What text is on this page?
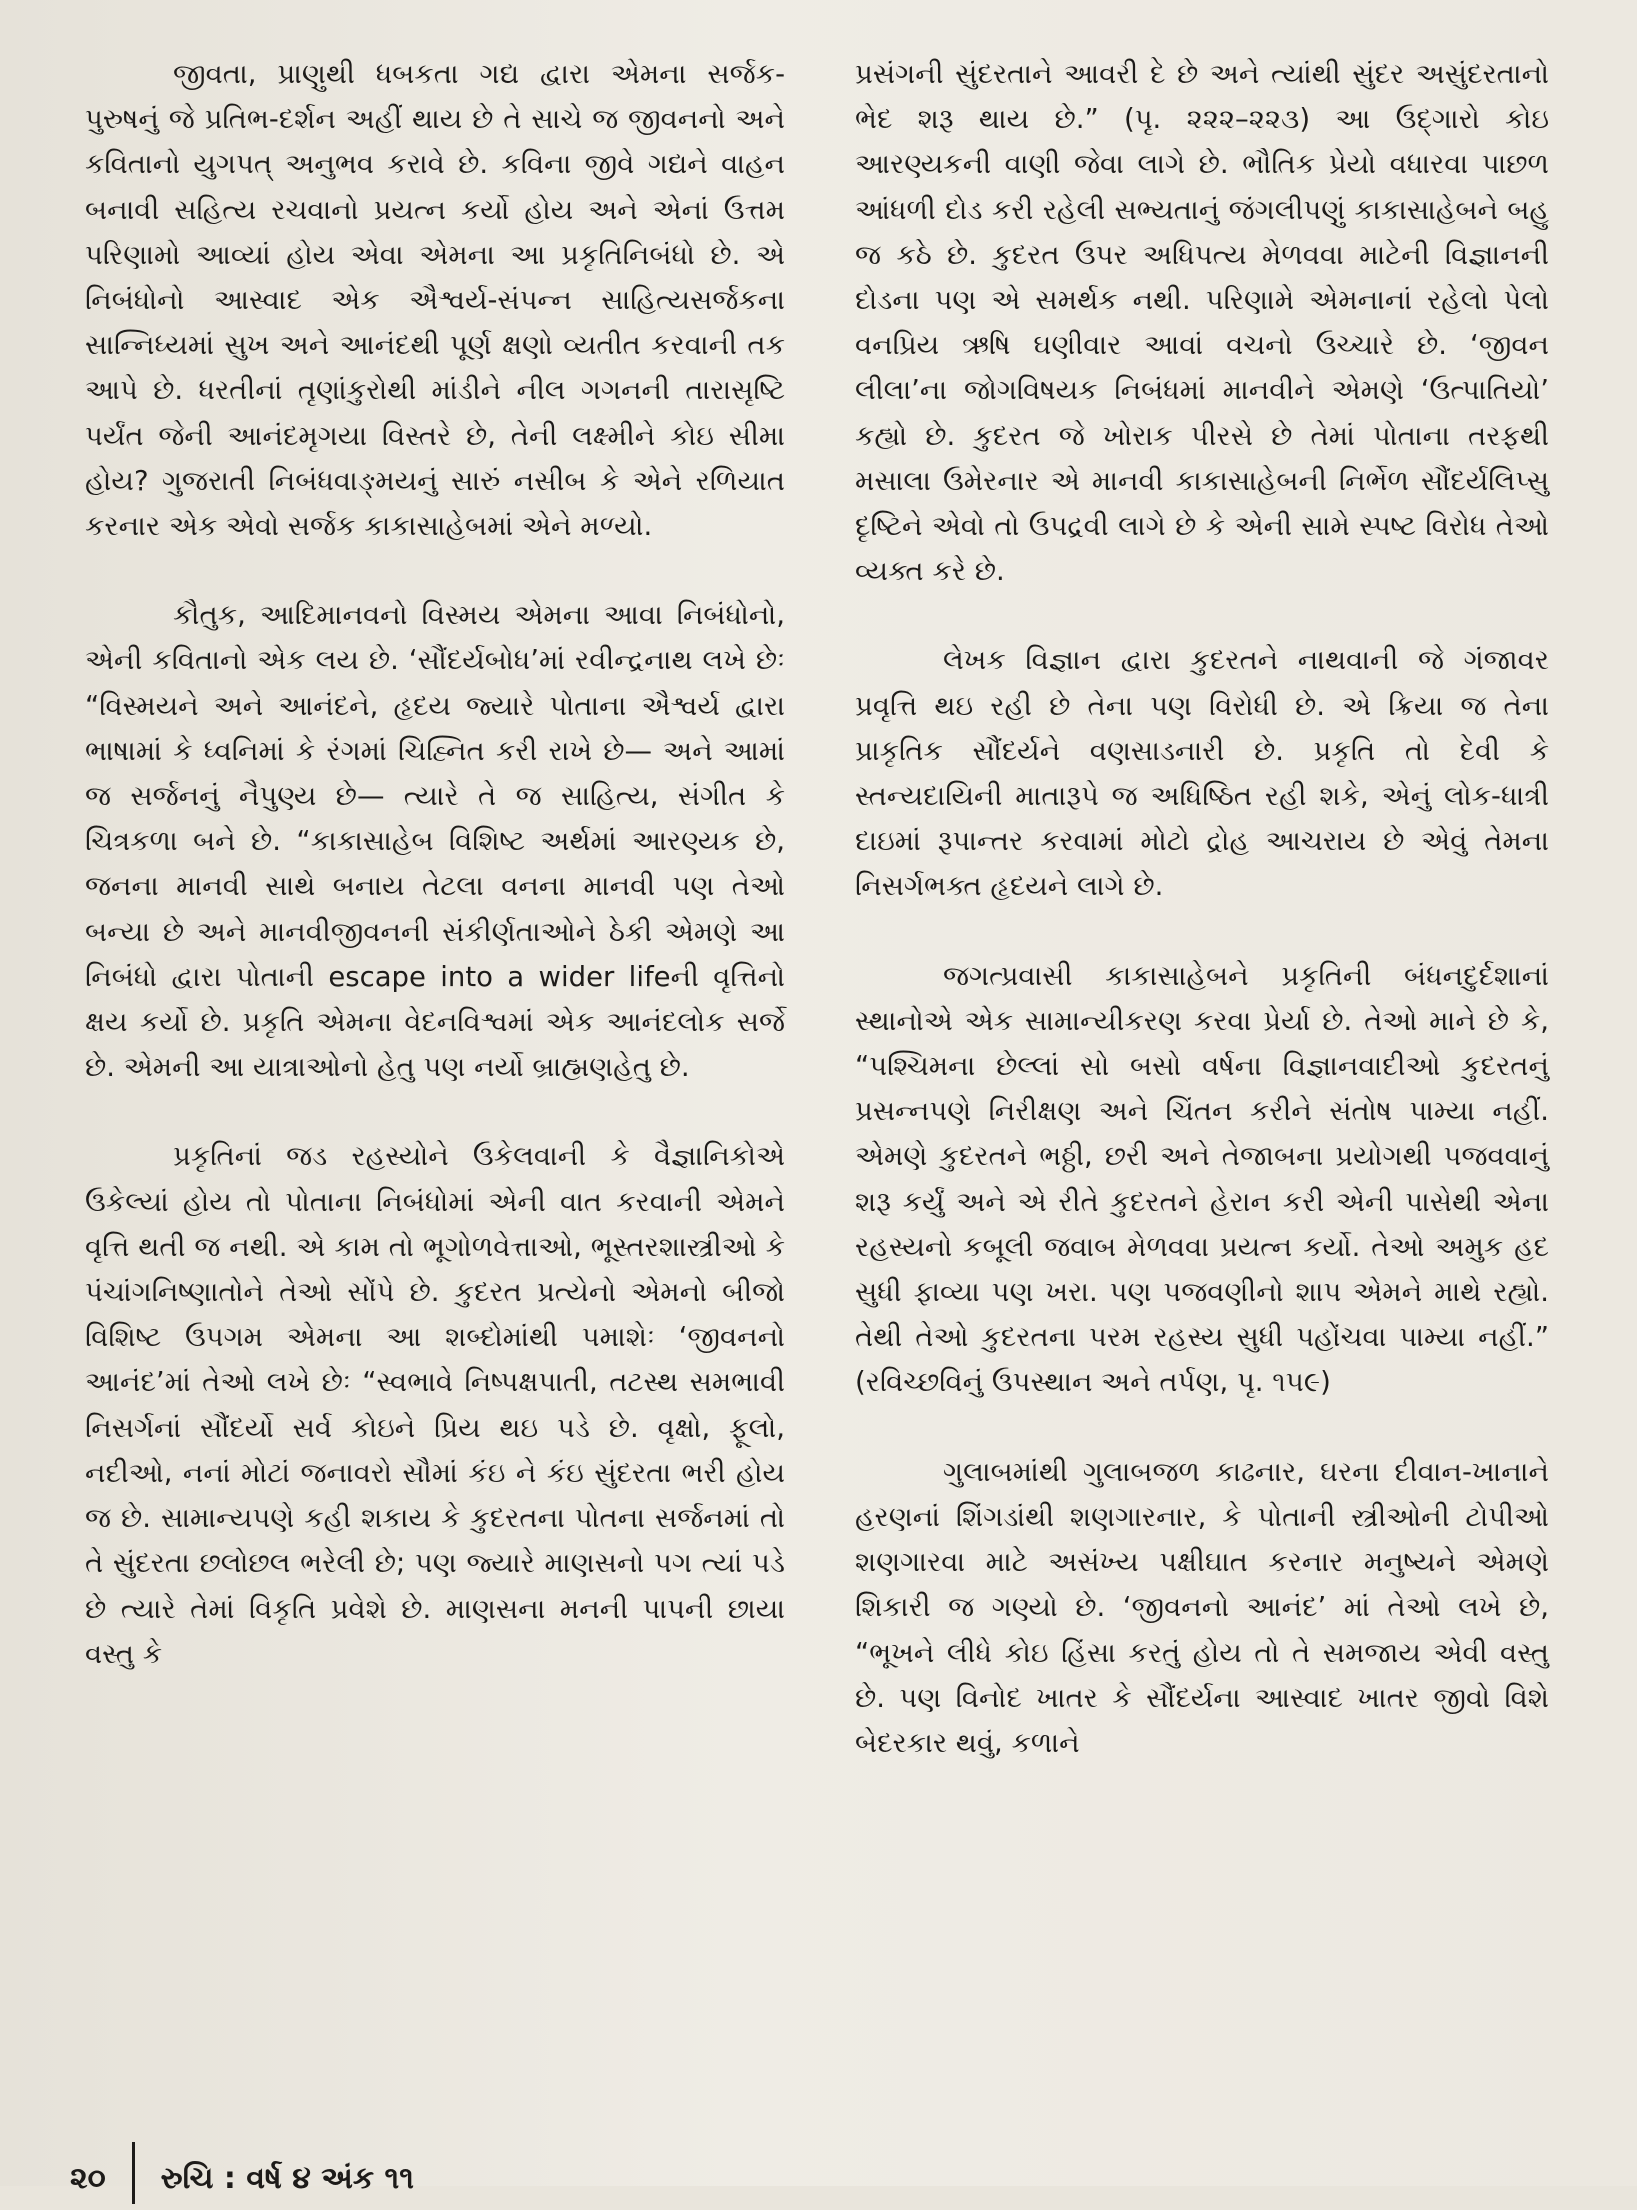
જીવતા, પ્રાણુથી ધબકતા ગદ્ય દ્વારા એમના સર્જક-પુરુષનું જે પ્રતિભ-દર્શન અહીં થાય છે તે સાચે જ જીવનનો અને કવિતાનો યુગપત્ અનુભવ કરાવે છે. કવિના જીવે ગદ્યને વાહન બનાવી સહિત્ય રચવાનો પ્રયત્ન કર્યો હોય અને એનાં ઉત્તમ પરિણામો આવ્યાં હોય એવા એમના આ પ્રકૃતિનિબંધો છે. એ નિબંધોનો આસ્વાદ એક ઐશ્વર્ય-સંપન્ન સાહિત્યસર્જકના સાન્નિધ્યમાં સુખ અને આનંદથી પૂર્ણ ક્ષણો વ્યતીત કરવાની તક આપે છે. ધરતીનાં તૃણાંકુરોથી માંડીને નીલ ગગનની તારાસૃષ્ટિ પર્યંત જેની આનંદમૃગયા વિસ્તરે છે, તેની લક્ષ્મીને કોઇ સીમા હોય? ગુજરાતી નિબંધવાઙ્મયનું સારું નસીબ કે એને રળિયાત કરનાર એક એવો સર્જક કાકાસાહેબમાં એને મળ્યો.

કૌતુક, આદિમાનવનો વિસ્મય એમના આવા નિબંધોનો, એની કવિતાનો એક લય છે. ‘સૌંદર્યબોધ’માં રવીન્દ્રનાથ લખે છેઃ “વિસ્મયને અને આનંદને, હૃદય જ્યારે પોતાના ઐશ્વર્ય દ્વારા ભાષામાં કે ધ્વનિમાં કે રંગમાં ચિહ્નિત કરી રાખે છે— અને આમાં જ સર્જનનું નૈપુણ્ય છે— ત્યારે તે જ સાહિત્ય, સંગીત કે ચિત્રકળા બને છે. “કાકાસાહેબ વિશિષ્ટ અર્થમાં આરણ્યક છે, જનના માનવી સાથે બનાય તેટલા વનના માનવી પણ તેઓ બન્યા છે અને માનવીજીવનની સંકીર્ણતાઓને ઠેકી એમણે આ નિબંધો દ્વારા પોતાની escape into a wider lifeની વૃત્તિનો ક્ષય કર્યો છે. પ્રકૃતિ એમના વેદનવિશ્વમાં એક આનંદલોક સર્જે છે. એમની આ યાત્રાઓનો હેતુ પણ નર્યો બ્રાહ્મણહેતુ છે.

પ્રકૃતિનાં જડ રહસ્યોને ઉકેલવાની કે વૈજ્ઞાનિકોએ ઉકેલ્યાં હોય તો પોતાના નિબંધોમાં એની વાત કરવાની એમને વૃત્તિ થતી જ નથી. એ કામ તો ભૂગોળવેત્તાઓ, ભૂસ્તરશાસ્ત્રીઓ કે પંચાંગનિષ્ણાતોને તેઓ સોંપે છે. કુદરત પ્રત્યેનો એમનો બીજો વિશિષ્ટ ઉપગમ એમના આ શબ્દોમાંથી પમાશેઃ ‘જીવનનો આનંદ’માં તેઓ લખે છેઃ “સ્વભાવે નિષ્પક્ષપાતી, તટસ્થ સમભાવી નિસર્ગનાં સૌંદર્યો સર્વ કોઇને પ્રિય થઇ પડે છે. વૃક્ષો, ફૂલો, નદીઓ, નનાં મોટાં જનાવરો સૌમાં કંઇ ને કંઇ સુંદરતા ભરી હોય જ છે. સામાન્યપણે કહી શકાય કે કુદરતના પોતના સર્જનમાં તો તે સુંદરતા છલોછલ ભરેલી છે; પણ જ્યારે માણસનો પગ ત્યાં પડે છે ત્યારે તેમાં વિકૃતિ પ્રવેશે છે. માણસના મનની પાપની છાયા વસ્તુ કે

પ્રસંગની સુંદરતાને આવરી દે છે અને ત્યાંથી સુંદર અસુંદરતાનો ભેદ શરૂ થાય છે.” (પૃ. ૨૨૨–૨૨૩) આ ઉદ્‌ગારો કોઇ આરણ્યકની વાણી જેવા લાગે છે. ભૌતિક પ્રેયો વધારવા પાછળ આંધળી દોડ કરી રહેલી સભ્યતાનું જંગલીપણું કાકાસાહેબને બહુ જ કઠે છે. કુદરત ઉપર અધિપત્ય મેળવવા માટેની વિજ્ઞાનની દોડના પણ એ સમર્થક નથી. પરિણામે એમનાનાં રહેલો પેલો વનપ્રિય ઋષિ ઘણીવાર આવાં વચનો ઉચ્ચારે છે. ‘જીવન લીલા’ના જોગવિષયક નિબંધમાં માનવીને એમણે ‘ઉત્પાતિયો’ કહ્યો છે. કુદરત જે ખોરાક પીરસે છે તેમાં પોતાના તરફથી મસાલા ઉમેરનાર એ માનવી કાકાસાહેબની નિર્ભેળ સૌંદર્યલિપ્સુ દૃષ્ટિને એવો તો ઉપદ્રવી લાગે છે કે એની સામે સ્પષ્ટ વિરોધ તેઓ વ્યક્ત કરે છે.

લેખક વિજ્ઞાન દ્વારા કુદરતને નાથવાની જે ગંજાવર પ્રવૃત્તિ થઇ રહી છે તેના પણ વિરોધી છે. એ ક્રિયા જ તેના પ્રાકૃતિક સૌંદર્યને વણસાડનારી છે. પ્રકૃતિ તો દેવી કે સ્તન્યદાયિની માતારૂપે જ અધિષ્ઠિત રહી શકે, એનું લોક-ધાત્રી દાઇમાં રૂપાન્તર કરવામાં મોટો દ્રોહ આચરાય છે એવું તેમના નિસર્ગભક્ત હૃદયને લાગે છે.

જગત્પ્રવાસી કાકાસાહેબને પ્રકૃતિની બંધનદુર્દશાનાં સ્થાનોએ એક સામાન્યીકરણ કરવા પ્રેર્યા છે. તેઓ માને છે કે, “પશ્ચિમના છેલ્લાં સો બસો વર્ષના વિજ્ઞાનવાદીઓ કુદરતનું પ્રસન્નપણે નિરીક્ષણ અને ચિંતન કરીને સંતોષ પામ્યા નહીં. એમણે કુદરતને ભઠ્ઠી, છરી અને તેજાબના પ્રયોગથી પજવવાનું શરૂ કર્યું અને એ રીતે કુદરતને હેરાન કરી એની પાસેથી એના રહસ્યનો કબૂલી જવાબ મેળવવા પ્રયત્ન કર્યો. તેઓ અમુક હદ સુધી ફાવ્યા પણ ખરા. પણ પજવણીનો શાપ એમને માથે રહ્યો. તેથી તેઓ કુદરતના પરમ રહસ્ય સુધી પહોંચવા પામ્યા નહીં.” (રવિચ્છવિનું ઉપસ્થાન અને તર્પણ, પૃ. ૧૫૯)

ગુલાબમાંથી ગુલાબજળ કાઢનાર, ઘરના દીવાન-ખાનાને હરણનાં શિંગડાંથી શણગારનાર, કે પોતાની સ્ત્રીઓની ટોપીઓ શણગારવા માટે અસંખ્ય પક્ષીઘાત કરનાર મનુષ્યને એમણે શિકારી જ ગણ્યો છે. ‘જીવનનો આનંદ’ માં તેઓ લખે છે, “ભૂખને લીધે કોઇ હિંસા કરતું હોય તો તે સમજાય એવી વસ્તુ છે. પણ વિનોદ ખાતર કે સૌંદર્યના આસ્વાદ ખાતર જીવો વિશે બેદરકાર થવું, કળાને

૨૦ રુચિ : વર્ષ ૪ અંક ૧૧
